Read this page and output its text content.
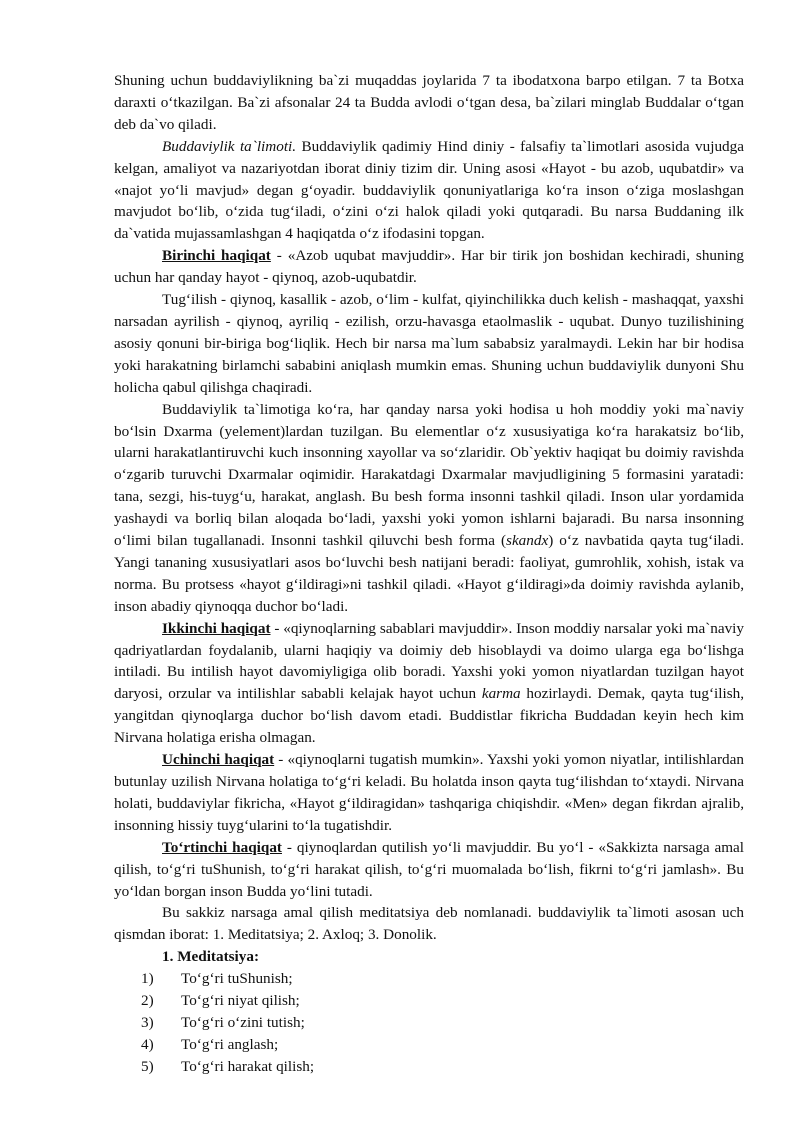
Shuning uchun buddaviylikning ba`zi muqaddas joylarida 7 ta ibodatxona barpo etilgan. 7 ta Botxa daraxti o‘tkazilgan. Ba`zi afsonalar 24 ta Budda avlodi o‘tgan desa, ba`zilari minglab Buddalar o‘tgan deb da`vo qiladi.

Buddaviylik ta`limoti. Buddaviylik qadimiy Hind diniy - falsafiy ta`limotlari asosida vujudga kelgan, amaliyot va nazariyotdan iborat diniy tizim dir. Uning asosi «Hayot - bu azob, uqubatdir» va «najot yo‘li mavjud» degan g‘oyadir. buddaviylik qonuniyatlariga ko‘ra inson o‘ziga moslashgan mavjudot bo‘lib, o‘zida tug‘iladi, o‘zini o‘zi halok qiladi yoki qutqaradi. Bu narsa Buddaning ilk da`vatida mujassamlashgan 4 haqiqatda o‘z ifodasini topgan.

Birinchi haqiqat - «Azob uqubat mavjuddir». Har bir tirik jon boshidan kechiradi, shuning uchun har qanday hayot - qiynoq, azob-uqubatdir.

Tug‘ilish - qiynoq, kasallik - azob, o‘lim - kulfat, qiyinchilikka duch kelish - mashaqqat, yaxshi narsadan ayrilish - qiynoq, ayriliq - ezilish, orzu-havasga etaolmaslik - uqubat. Dunyo tuzilishining asosiy qonuni bir-biriga bog‘liqlik. Hech bir narsa ma`lum sababsiz yaralmaydi. Lekin har bir hodisa yoki harakatning birlamchi sababini aniqlash mumkin emas. Shuning uchun buddaviylik dunyoni Shu holicha qabul qilishga chaqiradi.

Buddaviylik ta`limotiga ko‘ra, har qanday narsa yoki hodisa u hoh moddiy yoki ma`naviy bo‘lsin Dxarma (yelement)lardan tuzilgan. Bu elementlar o‘z xususiyatiga ko‘ra harakatsiz bo‘lib, ularni harakatlantiruvchi kuch insonning xayollar va so‘zlaridir. Ob`yektiv haqiqat bu doimiy ravishda o‘zgarib turuvchi Dxarmalar oqimidir. Harakatdagi Dxarmalar mavjudligining 5 formasini yaratadi: tana, sezgi, his-tuyg‘u, harakat, anglash. Bu besh forma insonni tashkil qiladi. Inson ular yordamida yashaydi va borliq bilan aloqada bo‘ladi, yaxshi yoki yomon ishlarni bajaradi. Bu narsa insonning o‘limi bilan tugallanadi. Insonni tashkil qiluvchi besh forma (skandx) o‘z navbatida qayta tug‘iladi. Yangi tananing xususiyatlari asos bo‘luvchi besh natijani beradi: faoliyat, gumrohlik, xohish, istak va norma. Bu protsess «hayot g‘ildiragi»ni tashkil qiladi. «Hayot g‘ildiragi»da doimiy ravishda aylanib, inson abadiy qiynoqqa duchor bo‘ladi.

Ikkinchi haqiqat - «qiynoqlarning sabablari mavjuddir». Inson moddiy narsalar yoki ma`naviy qadriyatlardan foydalanib, ularni haqiqiy va doimiy deb hisoblaydi va doimo ularga ega bo‘lishga intiladi. Bu intilish hayot davomiyligiga olib boradi. Yaxshi yoki yomon niyatlardan tuzilgan hayot daryosi, orzular va intilishlar sababli kelajak hayot uchun karma hozirlaydi. Demak, qayta tug‘ilish, yangitdan qiynoqlarga duchor bo‘lish davom etadi. Buddistlar fikricha Buddadan keyin hech kim Nirvana holatiga erisha olmagan.

Uchinchi haqiqat - «qiynoqlarni tugatish mumkin». Yaxshi yoki yomon niyatlar, intilishlardan butunlay uzilish Nirvana holatiga to‘g‘ri keladi. Bu holatda inson qayta tug‘ilishdan to‘xtaydi. Nirvana holati, buddaviylar fikricha, «Hayot g‘ildiragidan» tashqariga chiqishdir. «Men» degan fikrdan ajralib, insonning hissiy tuyg‘ularini to‘la tugatishdir.

To‘rtinchi haqiqat - qiynoqlardan qutilish yo‘li mavjuddir. Bu yo‘l - «Sakkizta narsaga amal qilish, to‘g‘ri tuShunish, to‘g‘ri harakat qilish, to‘g‘ri muomalada bo‘lish, fikrni to‘g‘ri jamlash». Bu yo‘ldan borgan inson Budda yo‘lini tutadi.

Bu sakkiz narsaga amal qilish meditatsiya deb nomlanadi. buddaviylik ta`limoti asosan uch qismdan iborat: 1. Meditatsiya; 2. Axloq; 3. Donolik.

1. Meditatsiya:
1)	To‘g‘ri tuShunish;
2)	To‘g‘ri niyat qilish;
3)	To‘g‘ri o‘zini tutish;
4)	To‘g‘ri anglash;
5)	To‘g‘ri harakat qilish;
